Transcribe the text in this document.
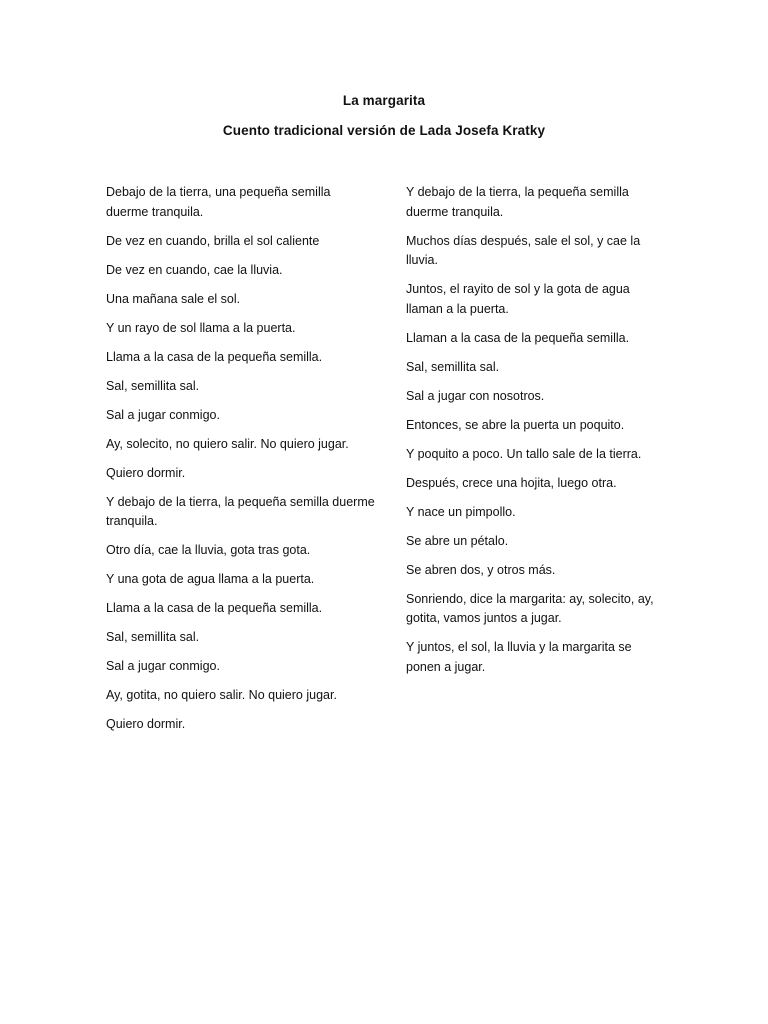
La margarita
Cuento tradicional versión de Lada Josefa Kratky

Debajo de la tierra, una pequeña semilla duerme tranquila.

De vez en cuando, brilla el sol caliente

De vez en cuando, cae la lluvia.

Una mañana sale el sol.

Y un rayo de sol llama a la puerta.

Llama a la casa de la pequeña semilla.

Sal, semillita sal.

Sal a jugar conmigo.

Ay, solecito, no quiero salir. No quiero jugar.

Quiero dormir.

Y debajo de la tierra, la pequeña semilla duerme tranquila.

Otro día, cae la lluvia, gota tras gota.

Y una gota de agua llama a la puerta.

Llama a la casa de la pequeña semilla.

Sal, semillita sal.

Sal a jugar conmigo.

Ay, gotita, no quiero salir. No quiero jugar.

Quiero dormir.

Y debajo de la tierra, la pequeña semilla duerme tranquila.

Muchos días después, sale el sol, y cae la lluvia.

Juntos, el rayito de sol y la gota de agua llaman a la puerta.

Llaman a la casa de la pequeña semilla.

Sal, semillita sal.

Sal a jugar con nosotros.

Entonces, se abre la puerta un poquito.

Y poquito a poco. Un tallo sale de la tierra.

Después, crece una hojita, luego otra.

Y nace un pimpollo.

Se abre un pétalo.

Se abren dos, y otros más.

Sonriendo, dice la margarita: ay, solecito, ay, gotita, vamos juntos a jugar.

Y juntos, el sol, la lluvia y la margarita se ponen a jugar.
